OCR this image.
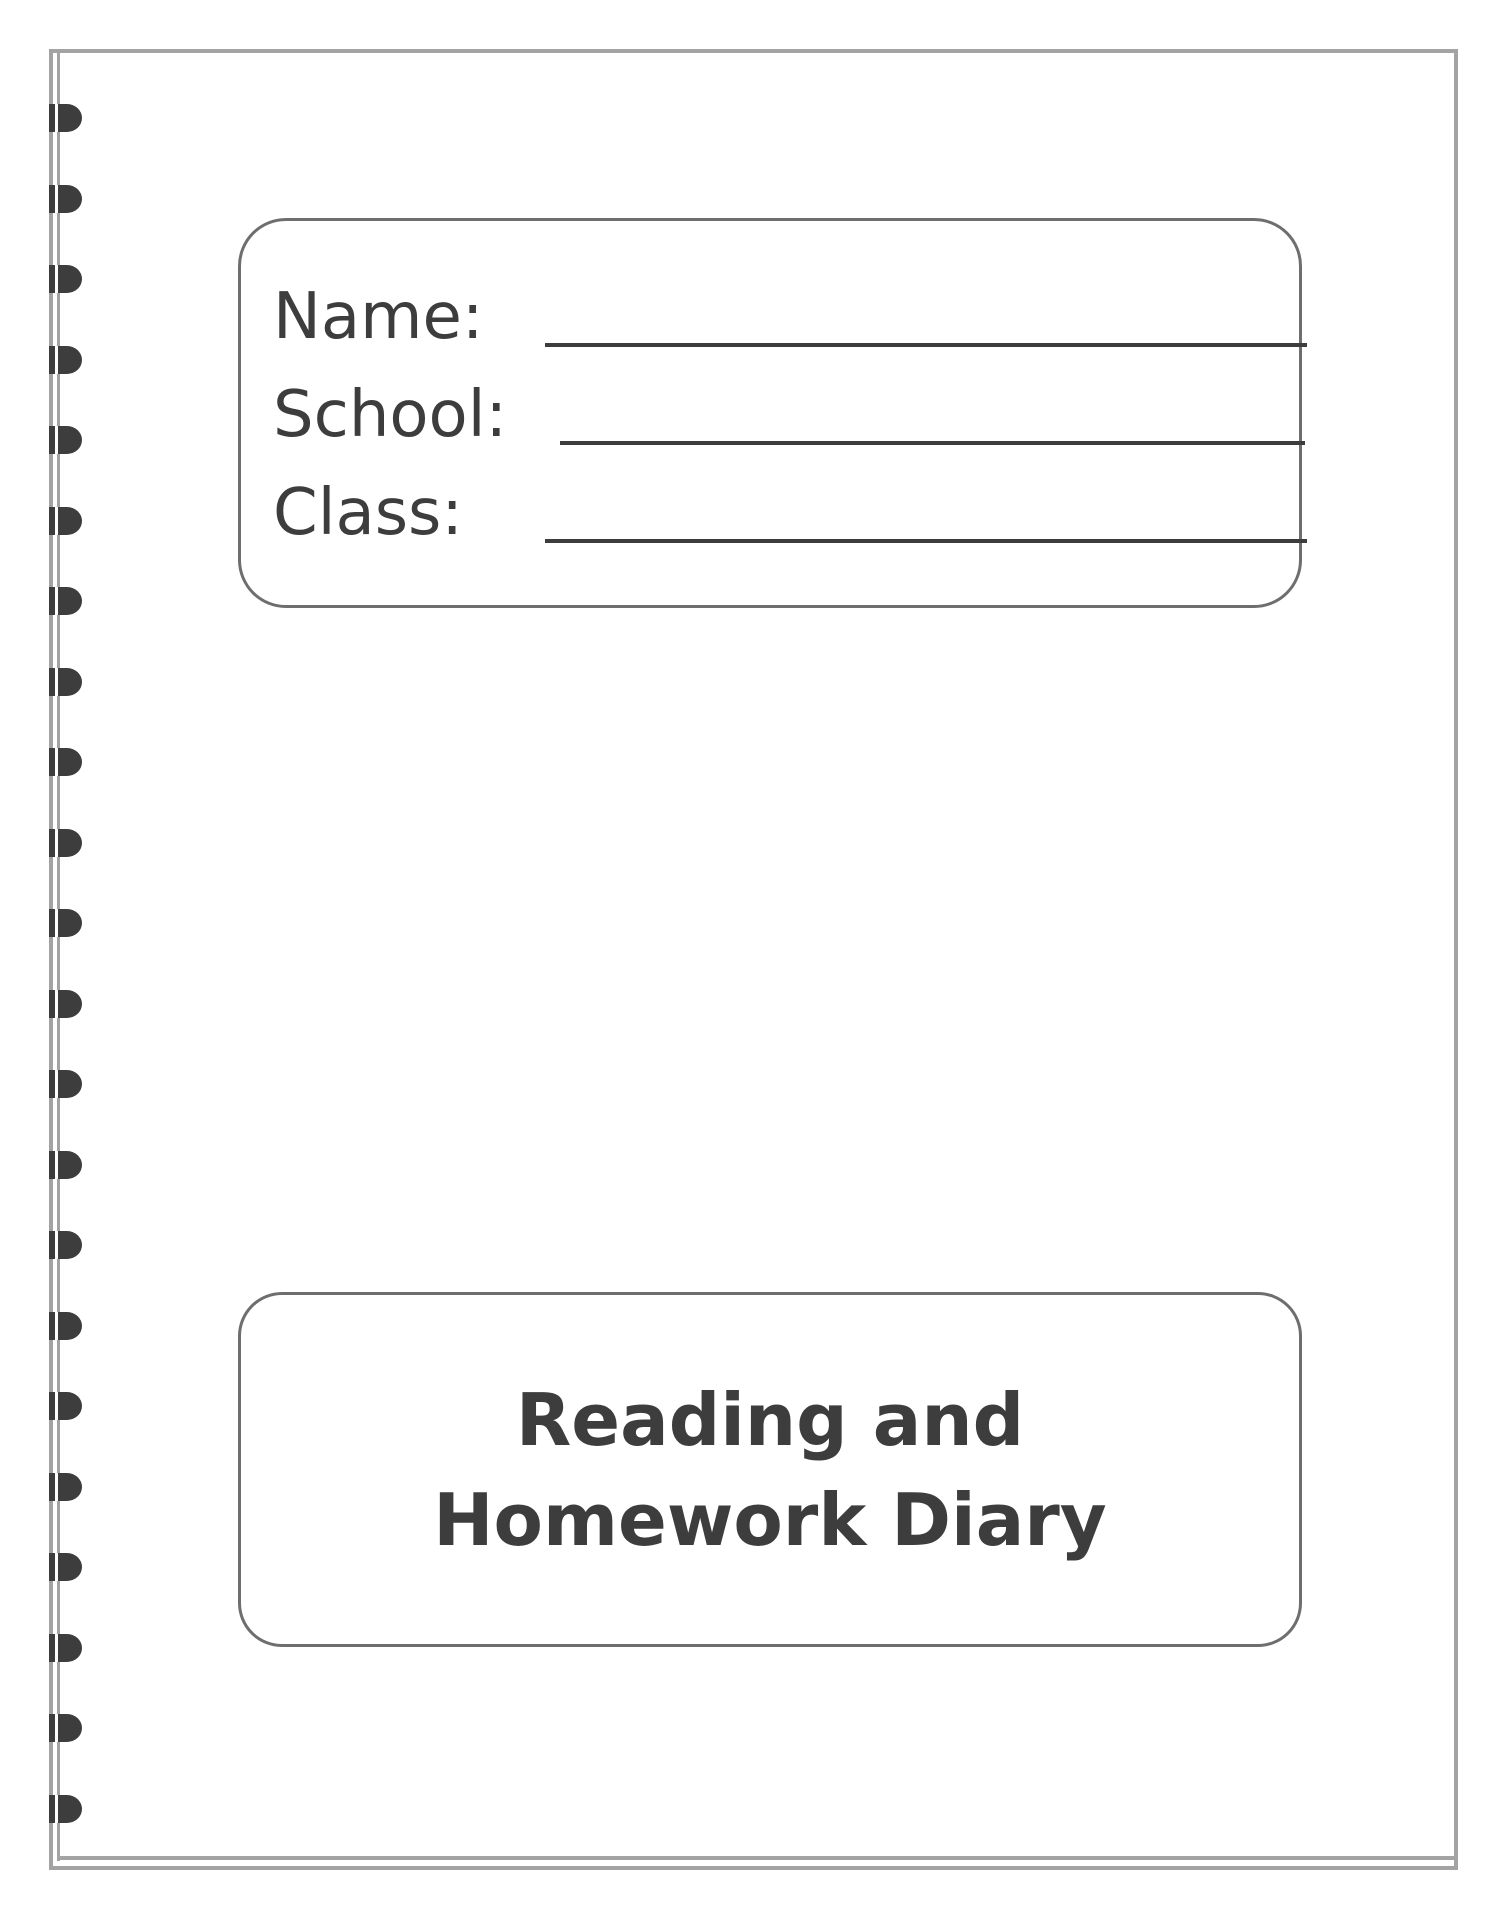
Name:
School:
Class:
Reading and
Homework Diary
